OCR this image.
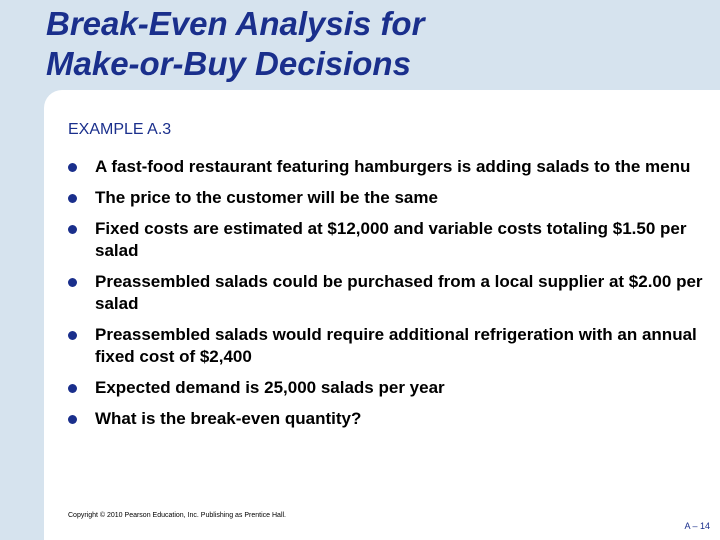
Break-Even Analysis for
Make-or-Buy Decisions
EXAMPLE A.3
A fast-food restaurant featuring hamburgers is adding salads to the menu
The price to the customer will be the same
Fixed costs are estimated at $12,000 and variable costs totaling $1.50 per salad
Preassembled salads could be purchased from a local supplier at $2.00 per salad
Preassembled salads would require additional refrigeration with an annual fixed cost of $2,400
Expected demand is 25,000 salads per year
What is the break-even quantity?
Copyright © 2010 Pearson Education, Inc. Publishing as Prentice Hall.
A – 14
